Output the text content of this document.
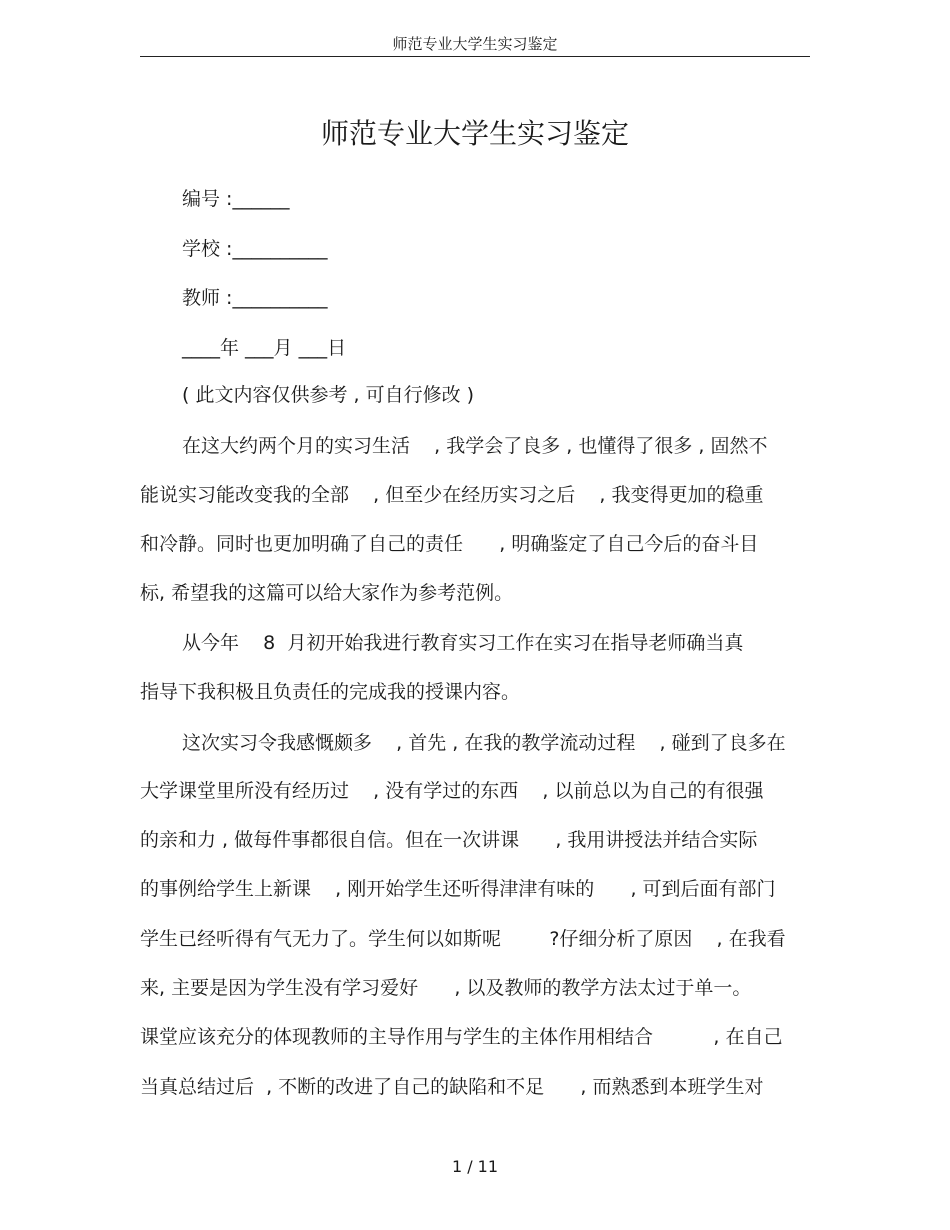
师范专业大学生实习鉴定
师范专业大学生实习鉴定
编号 :______
学校 :__________
教师 :__________
____年 ___月 ___日
( 此文内容仅供参考 , 可自行修改 )
在这大约两个月的实习生活    , 我学会了良多 , 也懂得了很多 , 固然不
能说实习能改变我的全部    , 但至少在经历实习之后    , 我变得更加的稳重
和冷静。同时也更加明确了自己的责任      , 明确鉴定了自己今后的奋斗目
标, 希望我的这篇可以给大家作为参考范例。
从今年    8  月初开始我进行教育实习工作在实习在指导老师确当真
指导下我积极且负责任的完成我的授课内容。
这次实习令我感慨颇多    , 首先 , 在我的教学流动过程    , 碰到了良多在
大学课堂里所没有经历过    , 没有学过的东西    , 以前总以为自己的有很强
的亲和力 , 做每件事都很自信。但在一次讲课      , 我用讲授法并结合实际
的事例给学生上新课    , 刚开始学生还听得津津有味的      , 可到后面有部门
学生已经听得有气无力了。学生何以如斯呢        ?仔细分析了原因    , 在我看
来, 主要是因为学生没有学习爱好      , 以及教师的教学方法太过于单一。
课堂应该充分的体现教师的主导作用与学生的主体作用相结合          , 在自己
当真总结过后  , 不断的改进了自己的缺陷和不足      , 而熟悉到本班学生对
1 / 11
